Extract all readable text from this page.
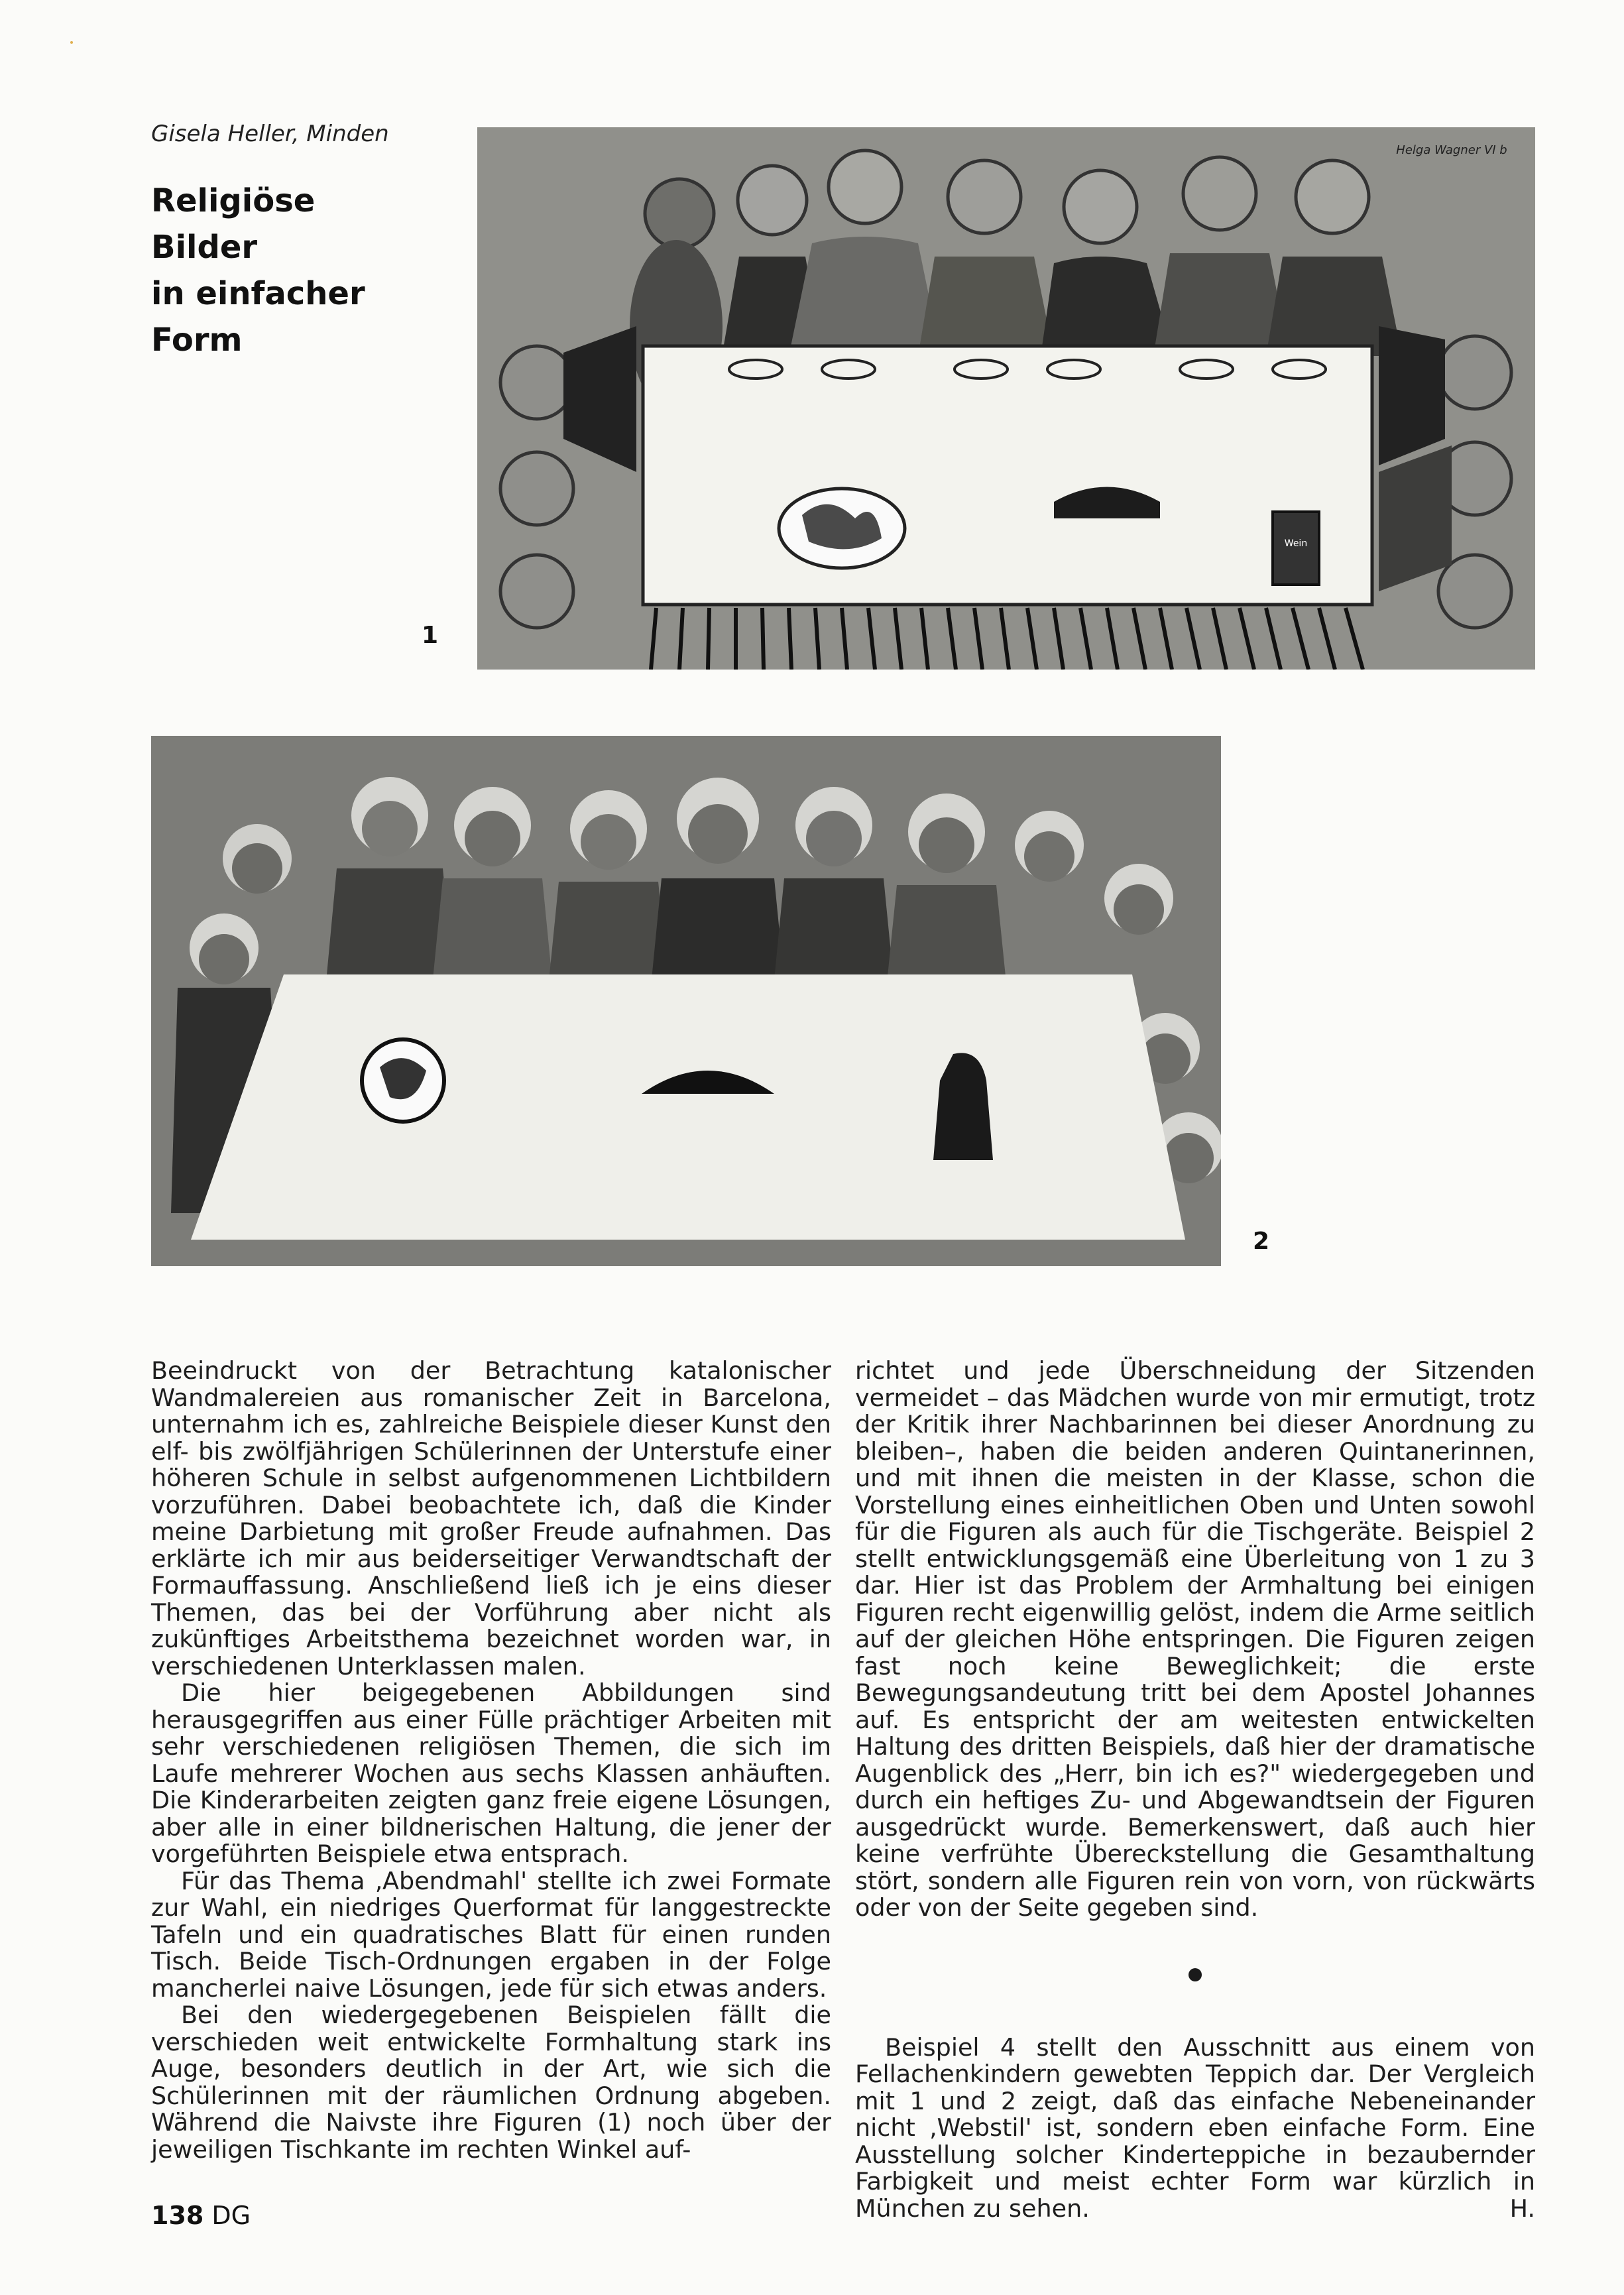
Gisela Heller, Minden
Religiöse Bilder
in einfacher Form
Wein
Helga Wagner VI b
1
2

Beeindruckt von der Betrachtung katalonischer Wandmalereien aus romanischer Zeit in Barcelona, unternahm ich es, zahlreiche Beispiele dieser Kunst den elf- bis zwölfjährigen Schülerinnen der Unterstufe einer höheren Schule in selbst aufgenommenen Lichtbildern vorzuführen. Dabei beobachtete ich, daß die Kinder meine Darbietung mit großer Freude aufnahmen. Das erklärte ich mir aus beiderseitiger Verwandtschaft der Formauffassung. Anschließend ließ ich je eins dieser Themen, das bei der Vorführung aber nicht als zukünftiges Arbeitsthema bezeichnet worden war, in verschiedenen Unterklassen malen.

Die hier beigegebenen Abbildungen sind herausgegriffen aus einer Fülle prächtiger Arbeiten mit sehr verschiedenen religiösen Themen, die sich im Laufe mehrerer Wochen aus sechs Klassen anhäuften. Die Kinderarbeiten zeigten ganz freie eigene Lösungen, aber alle in einer bildnerischen Haltung, die jener der vorgeführten Beispiele etwa entsprach.

Für das Thema ‚Abendmahl' stellte ich zwei Formate zur Wahl, ein niedriges Querformat für langgestreckte Tafeln und ein quadratisches Blatt für einen runden Tisch. Beide Tisch-Ordnungen ergaben in der Folge mancherlei naive Lösungen, jede für sich etwas anders.

Bei den wiedergegebenen Beispielen fällt die verschieden weit entwickelte Formhaltung stark ins Auge, besonders deutlich in der Art, wie sich die Schülerinnen mit der räumlichen Ordnung abgeben. Während die Naivste ihre Figuren (1) noch über der jeweiligen Tischkante im rechten Winkel auf-

richtet und jede Überschneidung der Sitzenden vermeidet – das Mädchen wurde von mir ermutigt, trotz der Kritik ihrer Nachbarinnen bei dieser Anordnung zu bleiben–, haben die beiden anderen Quintanerinnen, und mit ihnen die meisten in der Klasse, schon die Vorstellung eines einheitlichen Oben und Unten sowohl für die Figuren als auch für die Tischgeräte. Beispiel 2 stellt entwicklungsgemäß eine Überleitung von 1 zu 3 dar. Hier ist das Problem der Armhaltung bei einigen Figuren recht eigenwillig gelöst, indem die Arme seitlich auf der gleichen Höhe entspringen. Die Figuren zeigen fast noch keine Beweglichkeit; die erste Bewegungsandeutung tritt bei dem Apostel Johannes auf. Es entspricht der am weitesten entwickelten Haltung des dritten Beispiels, daß hier der dramatische Augenblick des „Herr, bin ich es?" wiedergegeben und durch ein heftiges Zu- und Abgewandtsein der Figuren ausgedrückt wurde. Bemerkenswert, daß auch hier keine verfrühte Übereckstellung die Gesamthaltung stört, sondern alle Figuren rein von vorn, von rückwärts oder von der Seite gegeben sind.

Beispiel 4 stellt den Ausschnitt aus einem von Fellachenkindern gewebten Teppich dar. Der Vergleich mit 1 und 2 zeigt, daß das einfache Nebeneinander nicht ‚Webstil' ist, sondern eben einfache Form. Eine Ausstellung solcher Kinderteppiche in bezaubernder Farbigkeit und meist echter Form war kürzlich in München zu sehen.	H.

138 DG
